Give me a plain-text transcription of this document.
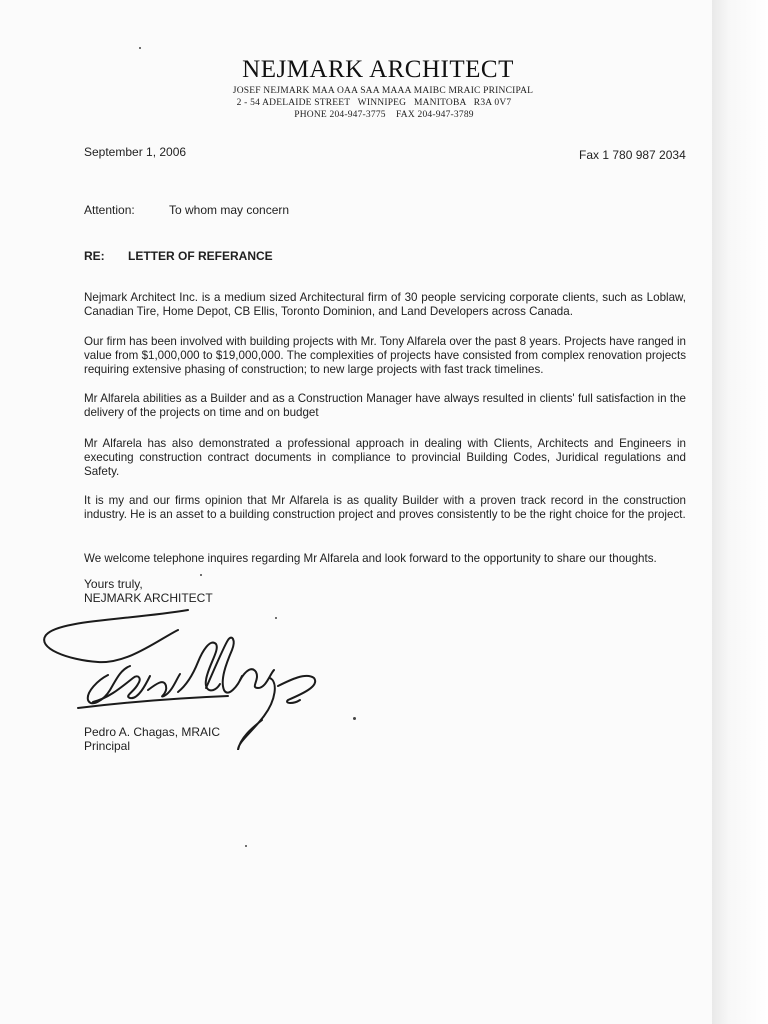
NEJMARK ARCHITECT
JOSEF NEJMARK MAA OAA SAA MAAA MAIBC MRAIC PRINCIPAL
2 - 54 ADELAIDE STREET   WINNIPEG   MANITOBA   R3A 0V7
PHONE 204-947-3775    FAX 204-947-3789
September 1, 2006	Fax 1 780 987 2034
Attention:	To whom may concern
RE: LETTER OF REFERANCE
Nejmark Architect Inc. is a medium sized Architectural firm of 30 people servicing corporate clients, such as Loblaw, Canadian Tire, Home Depot, CB Ellis, Toronto Dominion, and Land Developers across Canada.
Our firm has been involved with building projects with Mr. Tony Alfarela over the past 8 years. Projects have ranged in value from $1,000,000 to $19,000,000. The complexities of projects have consisted from complex renovation projects requiring extensive phasing of construction; to new large projects with fast track timelines.
Mr Alfarela abilities as a Builder and as a Construction Manager have always resulted in clients' full satisfaction in the delivery of the projects on time and on budget
Mr Alfarela has also demonstrated a professional approach in dealing with Clients, Architects and Engineers in executing construction contract documents in compliance to provincial Building Codes, Juridical regulations and Safety.
It is my and our firms opinion that Mr Alfarela is as quality Builder with a proven track record in the construction industry. He is an asset to a building construction project and proves consistently to be the right choice for the project.
We welcome telephone inquires regarding Mr Alfarela and look forward to the opportunity to share our thoughts.
Yours truly,
NEJMARK ARCHITECT
Pedro A. Chagas, MRAIC
Principal
